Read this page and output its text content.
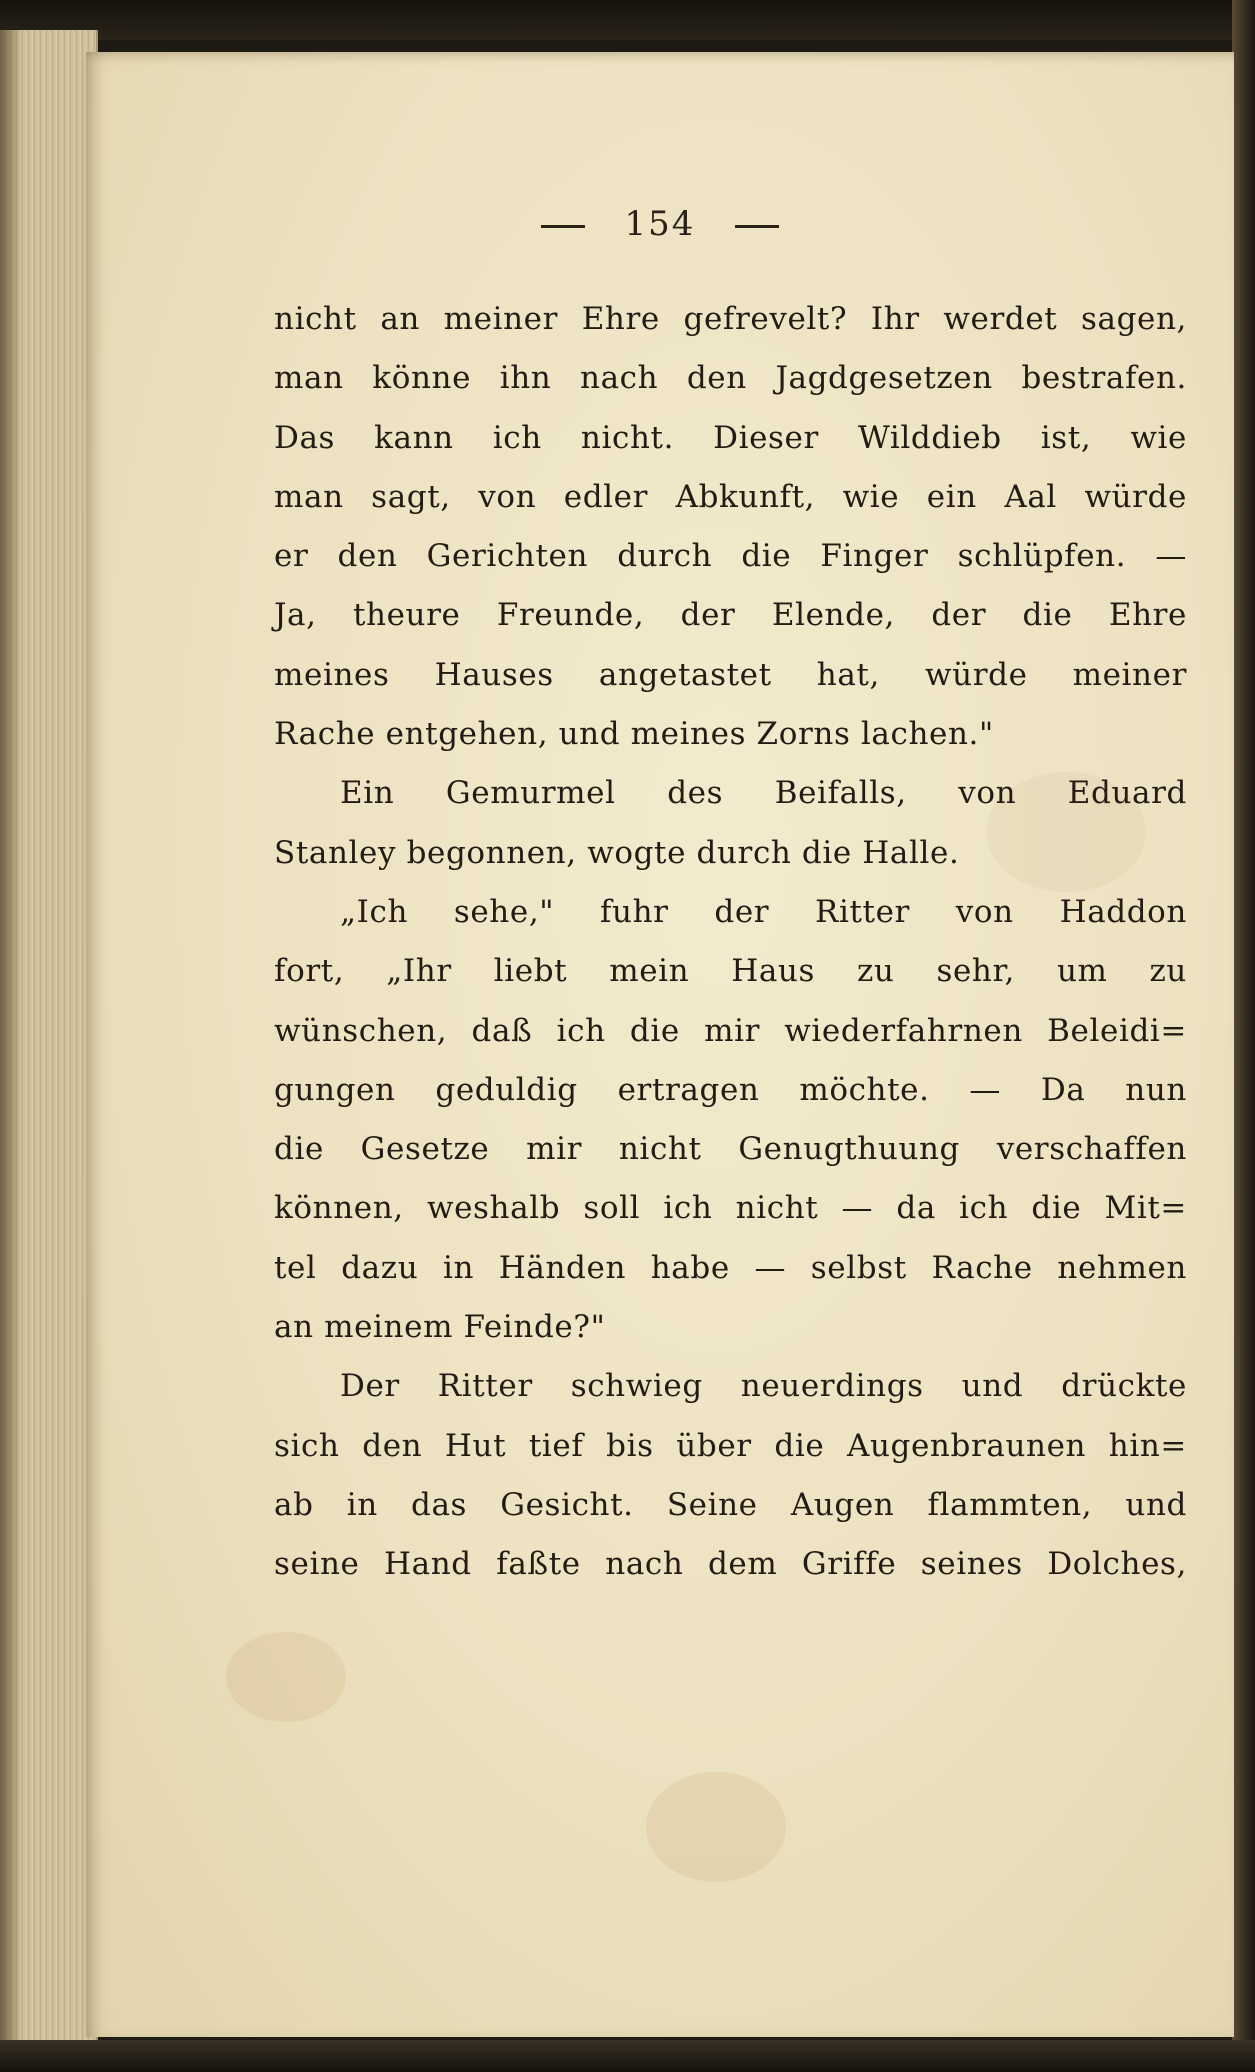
154
nicht an meiner Ehre gefrevelt? Ihr werdet sagen,
man könne ihn nach den Jagdgesetzen bestrafen.
Das kann ich nicht. Dieser Wilddieb ist, wie
man sagt, von edler Abkunft, wie ein Aal würde
er den Gerichten durch die Finger schlüpfen. —
Ja, theure Freunde, der Elende, der die Ehre
meines Hauses angetastet hat, würde meiner
Rache entgehen, und meines Zorns lachen."
Ein Gemurmel des Beifalls, von Eduard
Stanley begonnen, wogte durch die Halle.
„Ich sehe," fuhr der Ritter von Haddon
fort, „Ihr liebt mein Haus zu sehr, um zu
wünschen, daß ich die mir wiederfahrnen Beleidi=
gungen geduldig ertragen möchte. — Da nun
die Gesetze mir nicht Genugthuung verschaffen
können, weshalb soll ich nicht — da ich die Mit=
tel dazu in Händen habe — selbst Rache nehmen
an meinem Feinde?"
Der Ritter schwieg neuerdings und drückte
sich den Hut tief bis über die Augenbraunen hin=
ab in das Gesicht. Seine Augen flammten, und
seine Hand faßte nach dem Griffe seines Dolches,
